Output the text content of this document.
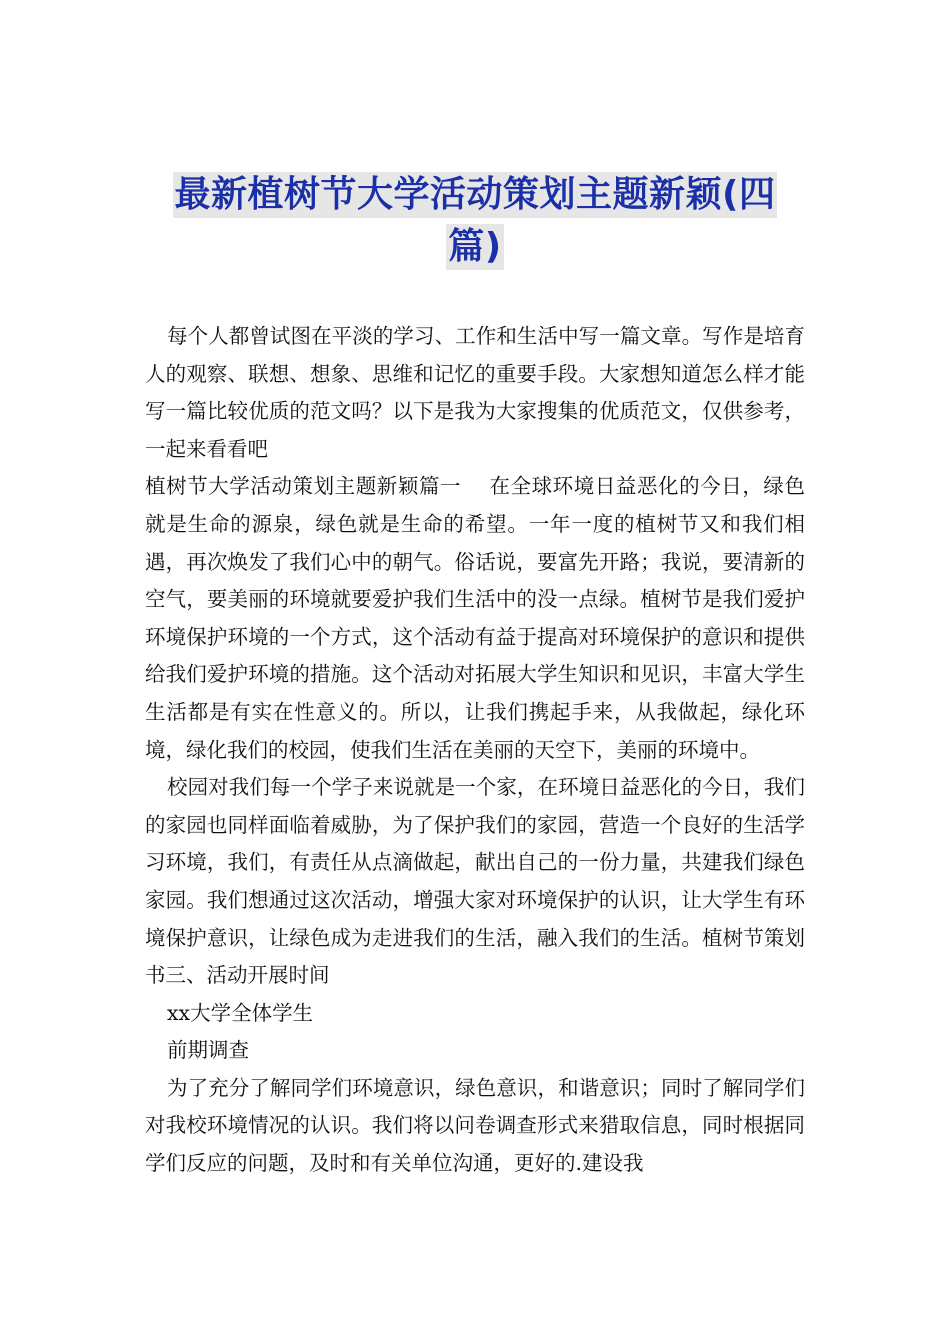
最新植树节大学活动策划主题新颖(四
篇)

每个人都曾试图在平淡的学习、工作和生活中写一篇文章。写作是培育人的观察、联想、想象、思维和记忆的重要手段。大家想知道怎么样才能写一篇比较优质的范文吗？以下是我为大家搜集的优质范文，仅供参考，一起来看看吧

植树节大学活动策划主题新颖篇一    在全球环境日益恶化的今日，绿色就是生命的源泉，绿色就是生命的希望。一年一度的植树节又和我们相遇，再次焕发了我们心中的朝气。俗话说，要富先开路；我说，要清新的空气，要美丽的环境就要爱护我们生活中的没一点绿。植树节是我们爱护环境保护环境的一个方式，这个活动有益于提高对环境保护的意识和提供给我们爱护环境的措施。这个活动对拓展大学生知识和见识，丰富大学生生活都是有实在性意义的。所以，让我们携起手来，从我做起，绿化环境，绿化我们的校园，使我们生活在美丽的天空下，美丽的环境中。

校园对我们每一个学子来说就是一个家，在环境日益恶化的今日，我们的家园也同样面临着威胁，为了保护我们的家园，营造一个良好的生活学习环境，我们，有责任从点滴做起，献出自己的一份力量，共建我们绿色家园。我们想通过这次活动，增强大家对环境保护的认识，让大学生有环境保护意识，让绿色成为走进我们的生活，融入我们的生活。植树节策划书三、活动开展时间

xx大学全体学生

前期调查

为了充分了解同学们环境意识，绿色意识，和谐意识；同时了解同学们对我校环境情况的认识。我们将以问卷调查形式来猎取信息，同时根据同学们反应的问题，及时和有关单位沟通，更好的.建设我
